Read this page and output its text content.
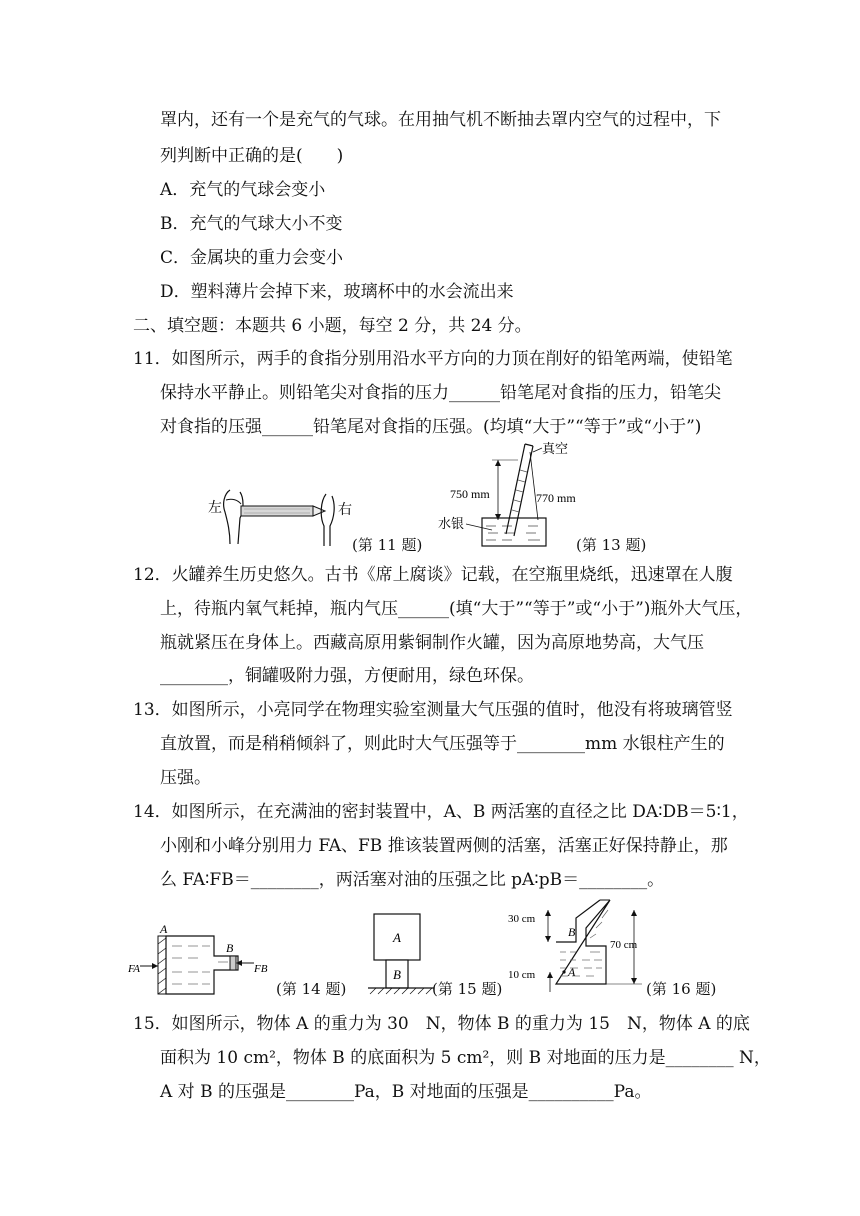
罩内，还有一个是充气的气球。在用抽气机不断抽去罩内空气的过程中，下
列判断中正确的是(　　)
A．充气的气球会变小
B．充气的气球大小不变
C．金属块的重力会变小
D．塑料薄片会掉下来，玻璃杯中的水会流出来
二、填空题：本题共 6 小题，每空 2 分，共 24 分。
11．如图所示，两手的食指分别用沿水平方向的力顶在削好的铅笔两端，使铅笔
保持水平静止。则铅笔尖对食指的压力______铅笔尾对食指的压力，铅笔尖
对食指的压强______铅笔尾对食指的压强。(均填“大于”“等于”或“小于”)
左	右
(第 11 题)
真空
750 mm	770 mm
水银
(第 13 题)
12．火罐养生历史悠久。古书《席上腐谈》记载，在空瓶里烧纸，迅速罩在人腹
上，待瓶内氧气耗掉，瓶内气压______(填“大于”“等于”或“小于”)瓶外大气压，
瓶就紧压在身体上。西藏高原用紫铜制作火罐，因为高原地势高，大气压
________，铜罐吸附力强，方便耐用，绿色环保。
13．如图所示，小亮同学在物理实验室测量大气压强的值时，他没有将玻璃管竖
直放置，而是稍稍倾斜了，则此时大气压强等于________mm 水银柱产生的
压强。
14．如图所示，在充满油的密封装置中，A、B 两活塞的直径之比 DA∶DB＝5∶1，
小刚和小峰分别用力 FA、FB 推该装置两侧的活塞，活塞正好保持静止，那
么 FA∶FB＝________，两活塞对油的压强之比 pA∶pB＝________。
A
B
FA	FB
(第 14 题)
A
B
(第 15 题)
30 cm
70 cm
10 cm
B
A
(第 16 题)
15．如图所示，物体 A 的重力为 30　N，物体 B 的重力为 15　N，物体 A 的底
面积为 10 cm²，物体 B 的底面积为 5 cm²，则 B 对地面的压力是________ N，
A 对 B 的压强是________Pa，B 对地面的压强是__________Pa。
